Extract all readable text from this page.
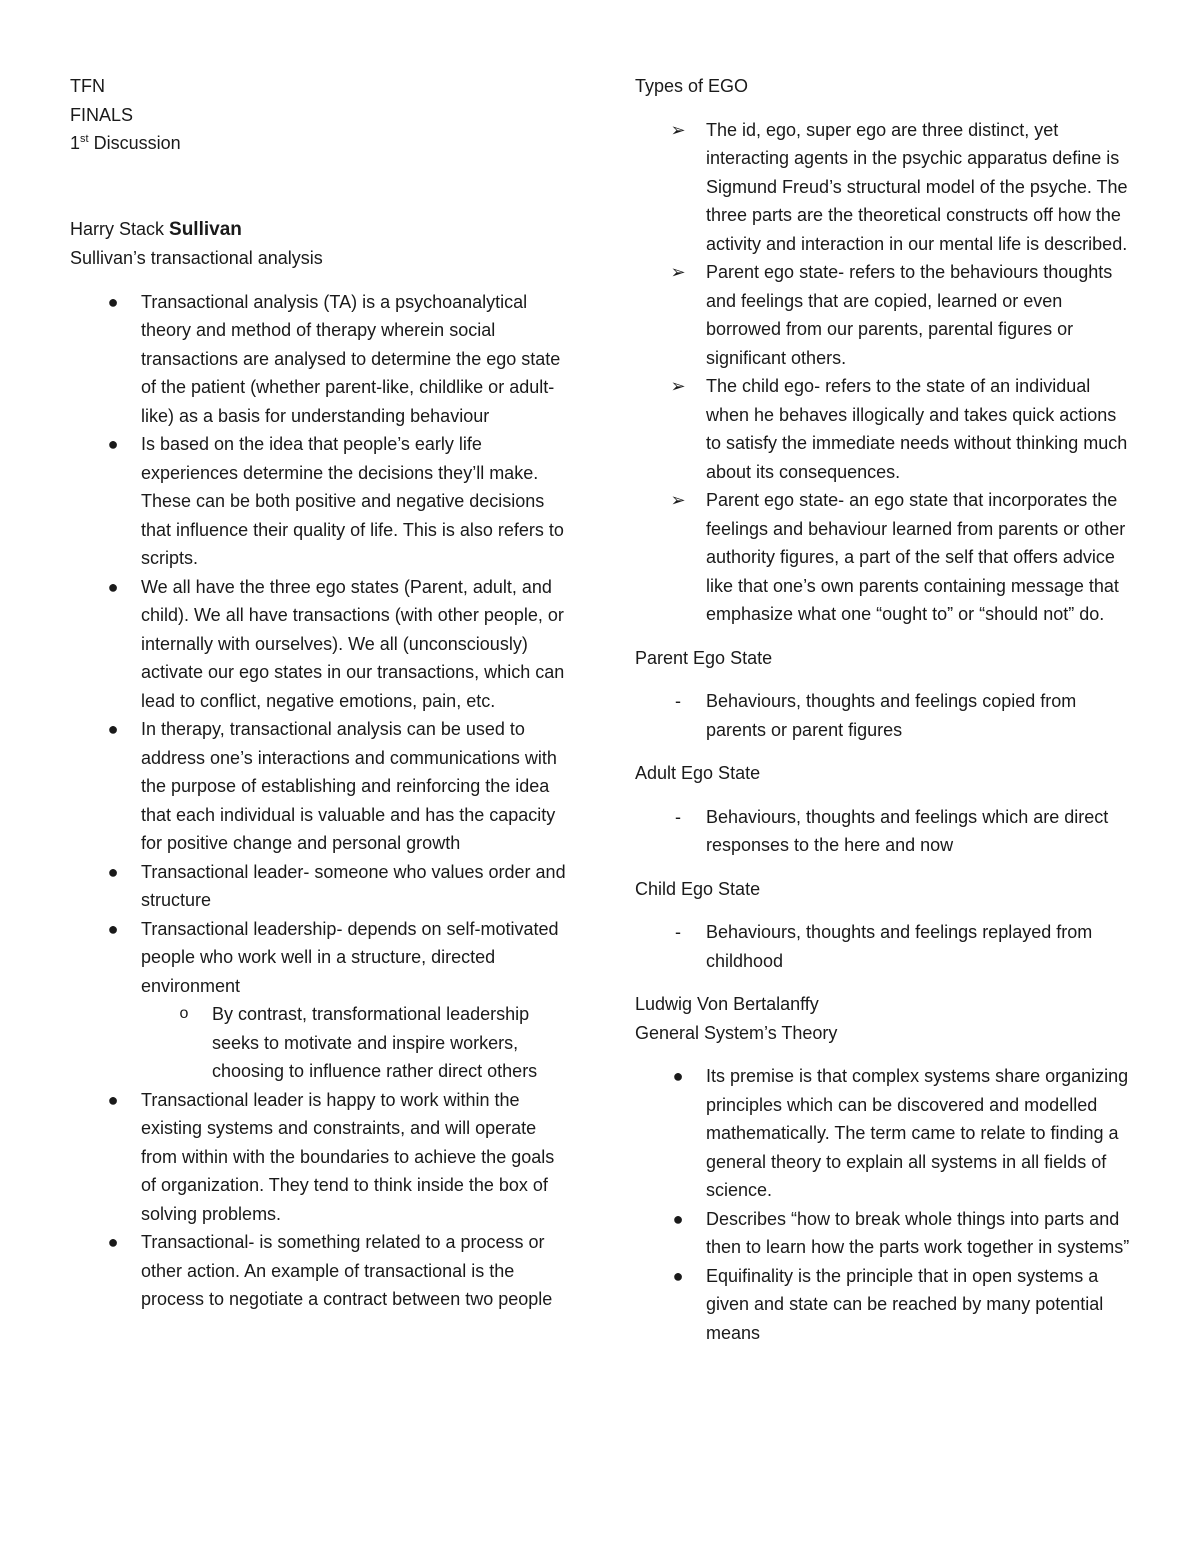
TFN
FINALS
1st Discussion
Harry Stack Sullivan
Sullivan’s transactional analysis
● Transactional analysis (TA) is a psychoanalytical theory and method of therapy wherein social transactions are analysed to determine the ego state of the patient (whether parent-like, childlike or adult-like) as a basis for understanding behaviour
● Is based on the idea that people’s early life experiences determine the decisions they’ll make. These can be both positive and negative decisions that influence their quality of life. This is also refers to scripts.
● We all have the three ego states (Parent, adult, and child). We all have transactions (with other people, or internally with ourselves). We all (unconsciously) activate our ego states in our transactions, which can lead to conflict, negative emotions, pain, etc.
● In therapy, transactional analysis can be used to address one’s interactions and communications with the purpose of establishing and reinforcing the idea that each individual is valuable and has the capacity for positive change and personal growth
● Transactional leader- someone who values order and structure
● Transactional leadership- depends on self-motivated people who work well in a structure, directed environment
o	By contrast, transformational leadership seeks to motivate and inspire workers, choosing to influence rather direct others
● Transactional leader is happy to work within the existing systems and constraints, and will operate from within with the boundaries to achieve the goals of organization. They tend to think inside the box of solving problems.
● Transactional- is something related to a process or other action. An example of transactional is the process to negotiate a contract between two people
Types of EGO
➢ The id, ego, super ego are three distinct, yet interacting agents in the psychic apparatus define is Sigmund Freud’s structural model of the psyche. The three parts are the theoretical constructs off how the activity and interaction in our mental life is described.
➢ Parent ego state- refers to the behaviours thoughts and feelings that are copied, learned or even borrowed from our parents, parental figures or significant others.
➢ The child ego- refers to the state of an individual when he behaves illogically and takes quick actions to satisfy the immediate needs without thinking much about its consequences.
➢ Parent ego state- an ego state that incorporates the feelings and behaviour learned from parents or other authority figures, a part of the self that offers advice like that one’s own parents containing message that emphasize what one “ought to” or “should not” do.
Parent Ego State
-	Behaviours, thoughts and feelings copied from parents or parent figures
Adult Ego State
-	Behaviours, thoughts and feelings which are direct responses to the here and now
Child Ego State
-	Behaviours, thoughts and feelings replayed from childhood
Ludwig Von Bertalanffy
General System’s Theory
● Its premise is that complex systems share organizing principles which can be discovered and modelled mathematically. The term came to relate to finding a general theory to explain all systems in all fields of science.
● Describes “how to break whole things into parts and then to learn how the parts work together in systems”
● Equifinality is the principle that in open systems a given and state can be reached by many potential means
